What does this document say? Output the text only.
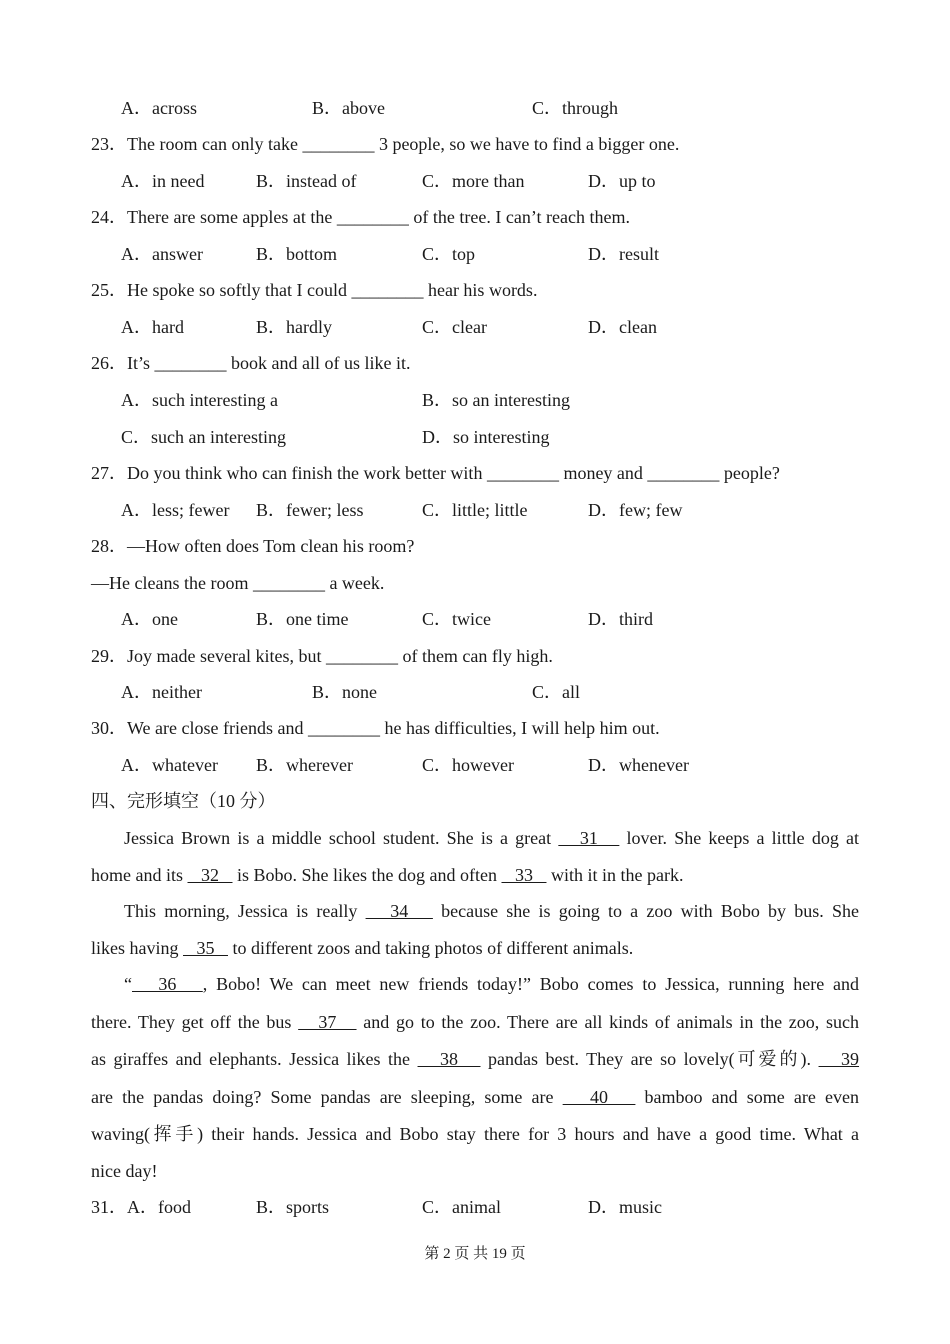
A．across	B．above	C．through
23．The room can only take ________ 3 people, so we have to find a bigger one.
A．in need	B．instead of	C．more than	D．up to
24．There are some apples at the ________ of the tree. I can’t reach them.
A．answer	B．bottom	C．top	D．result
25．He spoke so softly that I could ________ hear his words.
A．hard	B．hardly	C．clear	D．clean
26．It’s ________ book and all of us like it.
A．such interesting a	B．so an interesting
C．such an interesting	D．so interesting
27．Do you think who can finish the work better with ________ money and ________ people?
A．less; fewer B．fewer; less	C．little; little	D．few; few
28．—How often does Tom clean his room?
—He cleans the room ________ a week.
A．one	B．one time	C．twice	D．third
29．Joy made several kites, but ________ of them can fly high.
A．neither	B．none	C．all
30．We are close friends and ________ he has difficulties, I will help him out.
A．whatever B．wherever	C．however	D．whenever
四、完形填空（10 分）
Jessica Brown is a middle school student. She is a great    31    lover. She keeps a little dog at
home and its    32    is Bobo. She likes the dog and often    33    with it in the park.
This morning, Jessica is really    34    because she is going to a zoo with Bobo by bus. She
likes having    35    to different zoos and taking photos of different animals.
“   36   , Bobo! We can meet new friends today!” Bobo comes to Jessica, running here and
there. They get off the bus    37    and go to the zoo. There are all kinds of animals in the zoo, such
as giraffes and elephants. Jessica likes the    38    pandas best. They are so lovely(可爱的).    39
are the pandas doing? Some pandas are sleeping, some are    40    bamboo and some are even
waving(挥手) their hands. Jessica and Bobo stay there for 3 hours and have a good time. What a
nice day!
31．A．food	B．sports	C．animal	D．music
第 2 页 共 19 页
